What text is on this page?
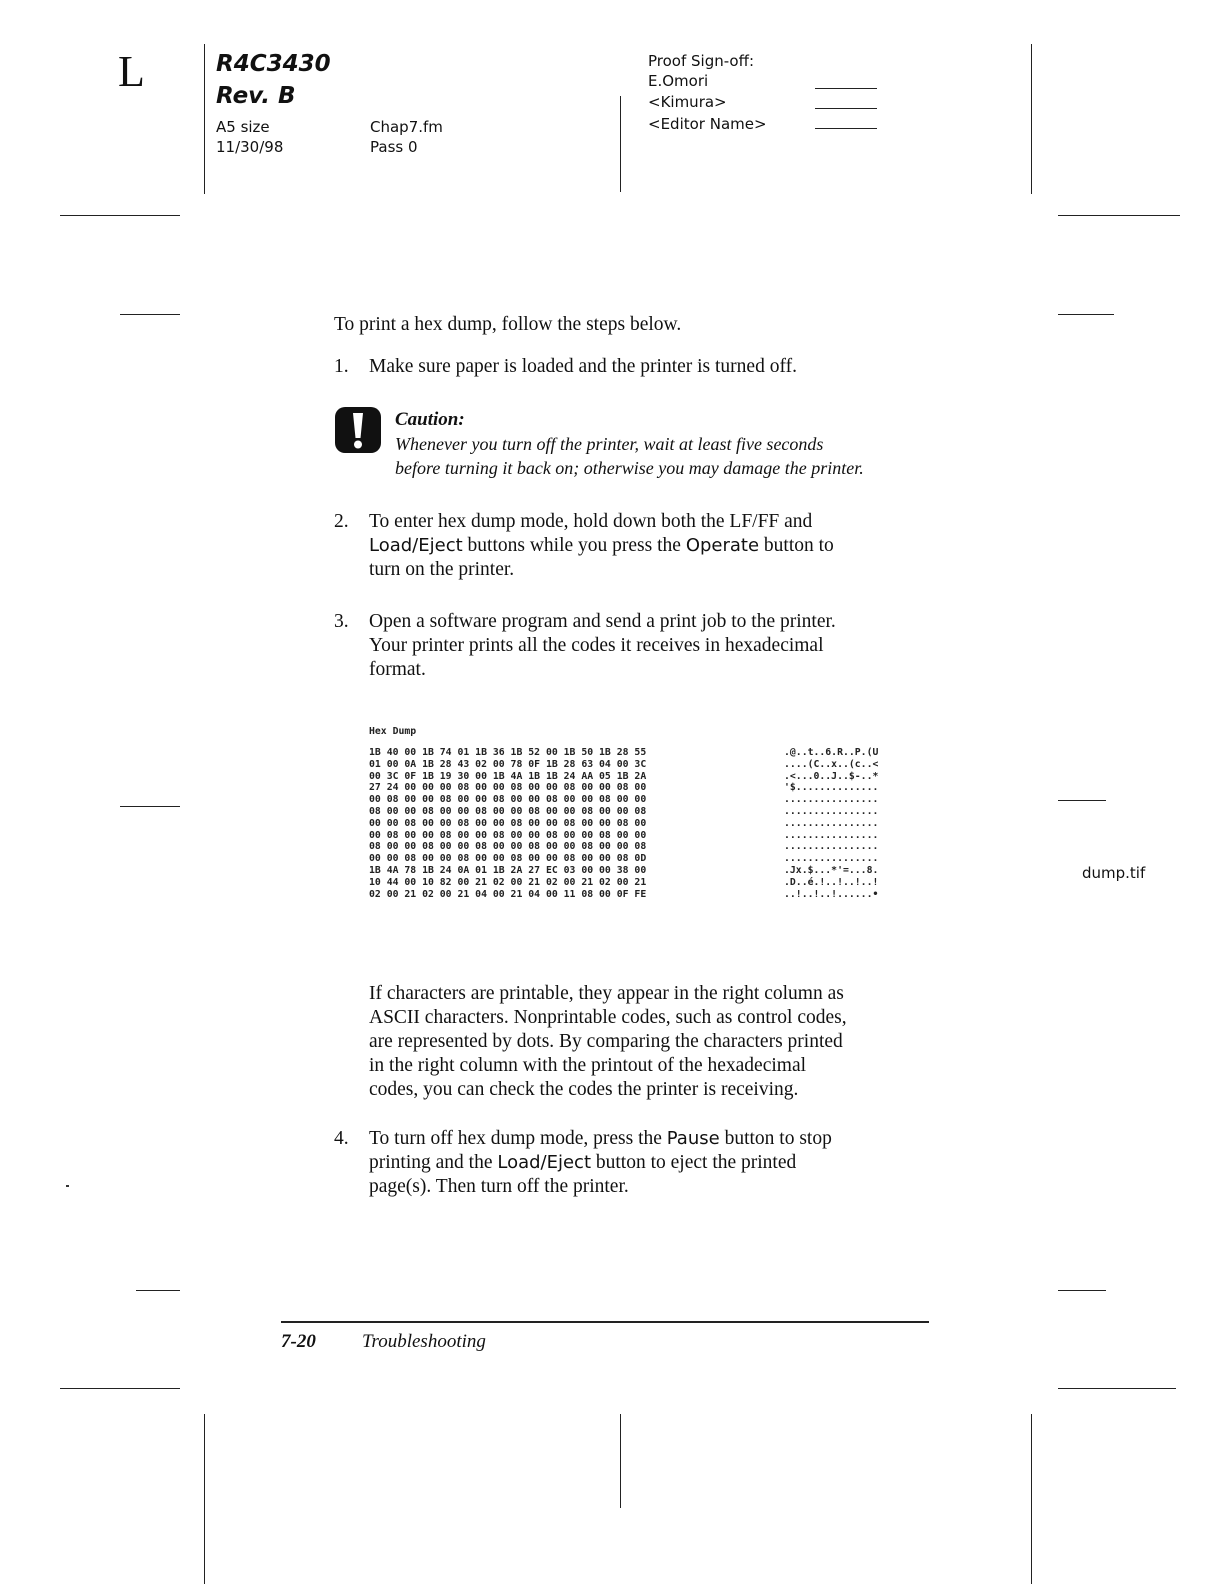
L	R4C3430
Rev. B
A5 size
11/30/98
Chap7.fm
Pass 0
Proof Sign-off:
E.Omori
<Kimura>
<Editor Name>
To print a hex dump, follow the steps below.
1. Make sure paper is loaded and the printer is turned off.
Caution:
Whenever you turn off the printer, wait at least five seconds
before turning it back on; otherwise you may damage the printer.
2. To enter hex dump mode, hold down both the LF/FF and
Load/Eject buttons while you press the Operate button to
turn on the printer.
3. Open a software program and send a print job to the printer.
Your printer prints all the codes it receives in hexadecimal
format.
Hex Dump
1B 40 00 1B 74 01 1B 36 1B 52 00 1B 50 1B 28 55
01 00 0A 1B 28 43 02 00 78 0F 1B 28 63 04 00 3C
00 3C 0F 1B 19 30 00 1B 4A 1B 1B 24 AA 05 1B 2A
27 24 00 00 00 08 00 00 08 00 00 08 00 00 08 00
00 08 00 00 08 00 00 08 00 00 08 00 00 08 00 00
08 00 00 08 00 00 08 00 00 08 00 00 08 00 00 08
00 00 08 00 00 08 00 00 08 00 00 08 00 00 08 00
00 08 00 00 08 00 00 08 00 00 08 00 00 08 00 00
08 00 00 08 00 00 08 00 00 08 00 00 08 00 00 08
00 00 08 00 00 08 00 00 08 00 00 08 00 00 08 0D
1B 4A 78 1B 24 0A 01 1B 2A 27 EC 03 00 00 38 00
10 44 00 10 82 00 21 02 00 21 02 00 21 02 00 21
02 00 21 02 00 21 04 00 21 04 00 11 08 00 0F FE
.@..t..6.R..P.(U
....(C..x..(c..<
.<...0..J..$-..*
'$..............
................
................
................
................
................
................
.Jx.$...*'=...8.
.D..é.!..!..!..!
..!..!..!......•
dump.tif
If characters are printable, they appear in the right column as
ASCII characters. Nonprintable codes, such as control codes,
are represented by dots. By comparing the characters printed
in the right column with the printout of the hexadecimal
codes, you can check the codes the printer is receiving.
4. To turn off hex dump mode, press the Pause button to stop
printing and the Load/Eject button to eject the printed
page(s). Then turn off the printer.
7-20 Troubleshooting
